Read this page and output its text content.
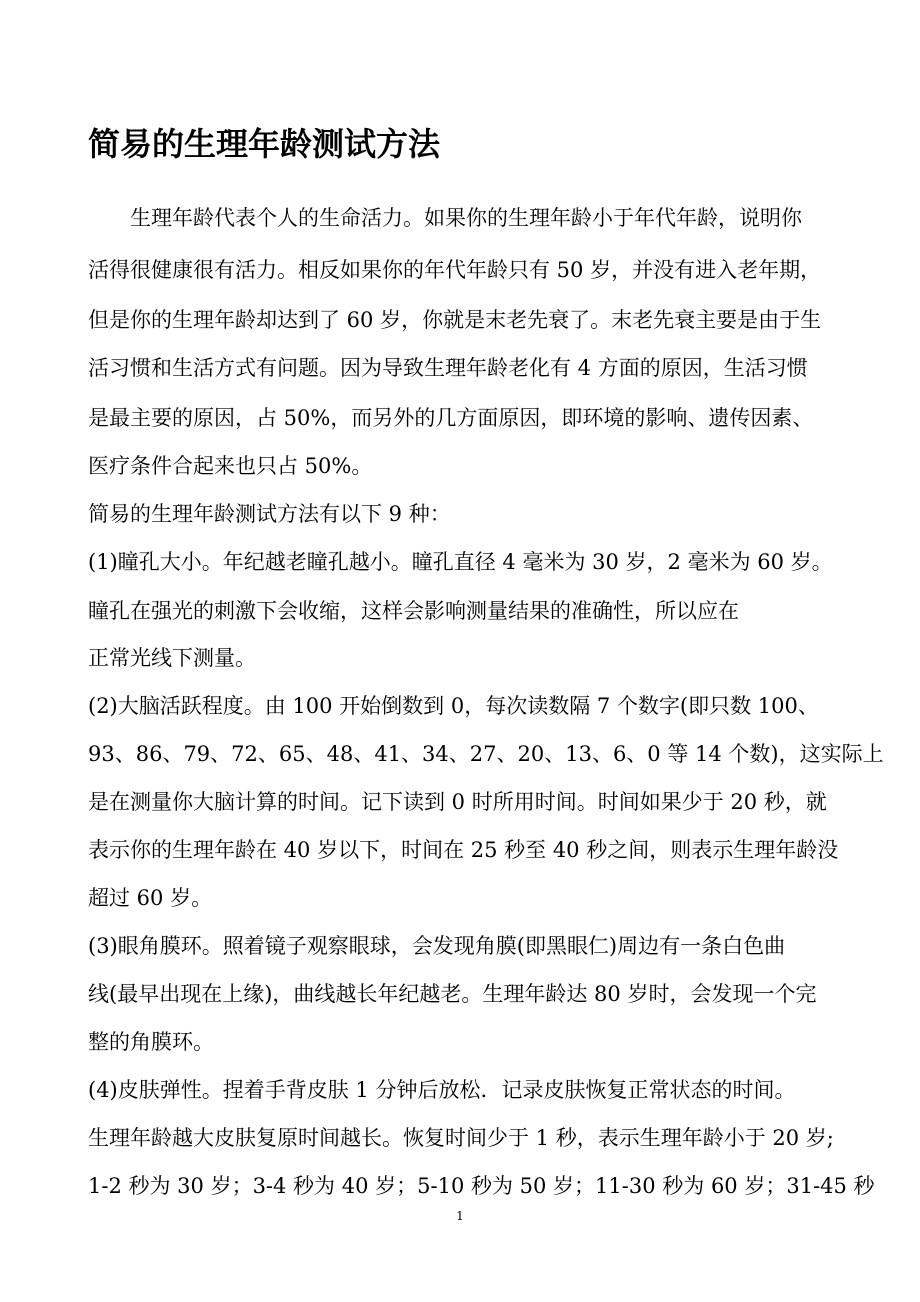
简易的生理年龄测试方法

　　生理年龄代表个人的生命活力。如果你的生理年龄小于年代年龄，说明你

活得很健康很有活力。相反如果你的年代年龄只有 50 岁，并没有进入老年期，

但是你的生理年龄却达到了 60 岁，你就是末老先衰了。末老先衰主要是由于生

活习惯和生活方式有问题。因为导致生理年龄老化有 4 方面的原因，生活习惯

是最主要的原因，占 50%，而另外的几方面原因，即环境的影响、遗传因素、

医疗条件合起来也只占 50%。

简易的生理年龄测试方法有以下 9 种：

(1)瞳孔大小。年纪越老瞳孔越小。瞳孔直径 4 毫米为 30 岁，2 毫米为 60 岁。

瞳孔在强光的刺激下会收缩，这样会影响测量结果的准确性，所以应在

正常光线下测量。

(2)大脑活跃程度。由 100 开始倒数到 0，每次读数隔 7 个数字(即只数 100、

93、86、79、72、65、48、41、34、27、20、13、6、0 等 14 个数)，这实际上

是在测量你大脑计算的时间。记下读到 0 时所用时间。时间如果少于 20 秒，就

表示你的生理年龄在 40 岁以下，时间在 25 秒至 40 秒之间，则表示生理年龄没

超过 60 岁。

(3)眼角膜环。照着镜子观察眼球，会发现角膜(即黑眼仁)周边有一条白色曲

线(最早出现在上缘)，曲线越长年纪越老。生理年龄达 80 岁时，会发现一个完

整的角膜环。

(4)皮肤弹性。捏着手背皮肤 1 分钟后放松．记录皮肤恢复正常状态的时间。

生理年龄越大皮肤复原时间越长。恢复时间少于 1 秒，表示生理年龄小于 20 岁;

1-2 秒为 30 岁；3-4 秒为 40 岁；5-10 秒为 50 岁；11-30 秒为 60 岁；31-45 秒

1
